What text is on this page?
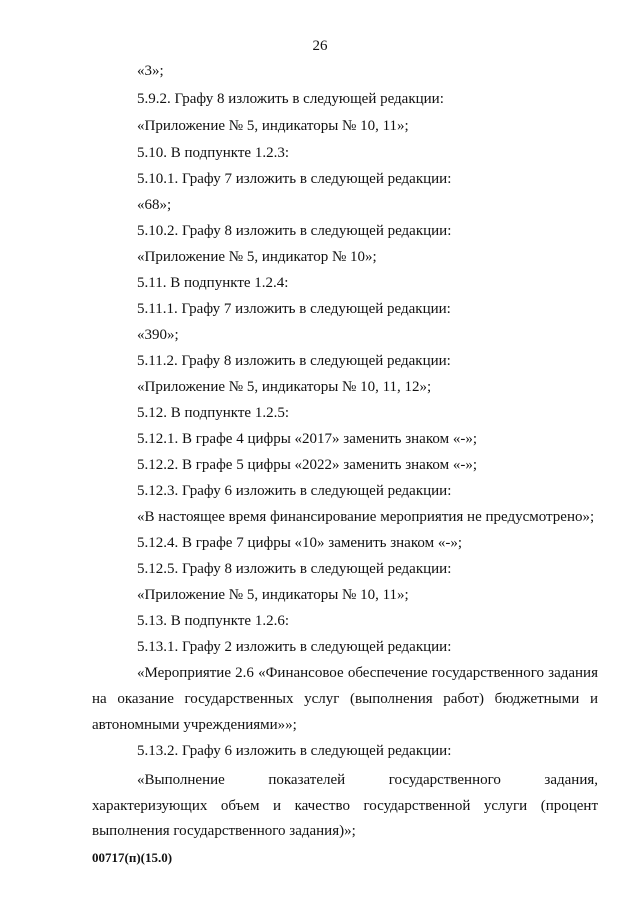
26
«3»;
5.9.2. Графу 8 изложить в следующей редакции:
«Приложение № 5, индикаторы № 10, 11»;
5.10. В подпункте 1.2.3:
5.10.1. Графу 7 изложить в следующей редакции:
«68»;
5.10.2. Графу 8 изложить в следующей редакции:
«Приложение № 5, индикатор № 10»;
5.11. В подпункте 1.2.4:
5.11.1. Графу 7 изложить в следующей редакции:
«390»;
5.11.2. Графу 8 изложить в следующей редакции:
«Приложение № 5, индикаторы № 10, 11, 12»;
5.12. В подпункте 1.2.5:
5.12.1. В графе 4 цифры «2017» заменить знаком «-»;
5.12.2. В графе 5 цифры «2022» заменить знаком «-»;
5.12.3. Графу 6 изложить в следующей редакции:
«В настоящее время финансирование мероприятия не предусмотрено»;
5.12.4. В графе 7 цифры «10» заменить знаком «-»;
5.12.5. Графу 8 изложить в следующей редакции:
«Приложение № 5, индикаторы № 10, 11»;
5.13. В подпункте 1.2.6:
5.13.1. Графу 2 изложить в следующей редакции:
«Мероприятие 2.6 «Финансовое обеспечение государственного задания
на оказание государственных услуг (выполнения работ) бюджетными и
автономными учреждениями»»;
5.13.2. Графу 6 изложить в следующей редакции:
«Выполнение показателей государственного задания,
характеризующих объем и качество государственной услуги (процент
выполнения государственного задания)»;
00717(п)(15.0)
